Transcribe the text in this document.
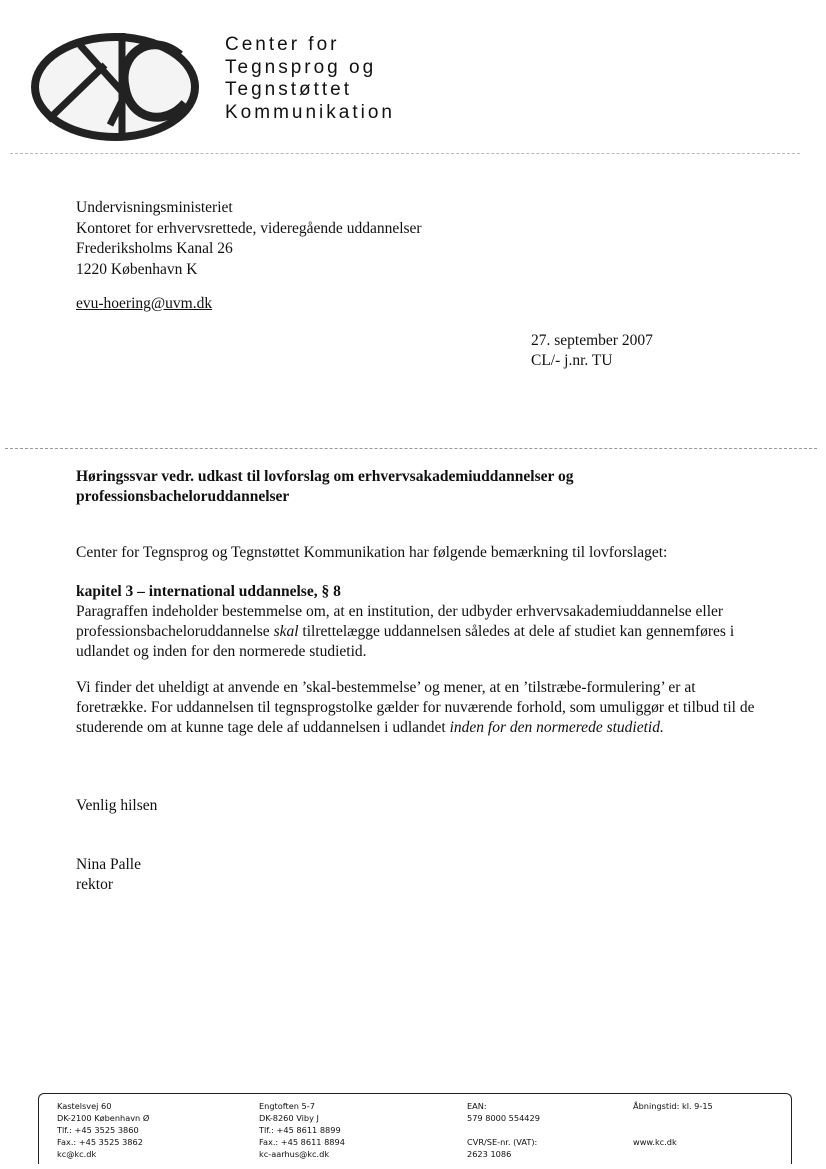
Center for
Tegnsprog og
Tegnstøttet
Kommunikation
Undervisningsministeriet
Kontoret for erhvervsrettede, videregående uddannelser
Frederiksholms Kanal 26
1220 København K
evu-hoering@uvm.dk
27. september 2007
CL/- j.nr. TU
Høringssvar vedr. udkast til lovforslag om erhvervsakademiuddannelser og professionsbacheloruddannelser
Center for Tegnsprog og Tegnstøttet Kommunikation har følgende bemærkning til lovforslaget:
kapitel 3 – international uddannelse, § 8
Paragraffen indeholder bestemmelse om, at en institution, der udbyder erhvervsakademiuddannelse eller professionsbacheloruddannelse skal tilrettelægge uddannelsen således at dele af studiet kan gennemføres i udlandet og inden for den normerede studietid.
Vi finder det uheldigt at anvende en ’skal-bestemmelse’ og mener, at en ’tilstræbe-formulering’ er at foretrække. For uddannelsen til tegnsprogstolke gælder for nuværende forhold, som umuliggør et tilbud til de studerende om at kunne tage dele af uddannelsen i udlandet inden for den normerede studietid.
Venlig hilsen
Nina Palle
rektor
Kastelsvej 60
DK-2100 København Ø
Tlf.: +45 3525 3860
Fax.: +45 3525 3862
kc@kc.dk
Engtoften 5-7
DK-8260 Viby J
Tlf.: +45 8611 8899
Fax.: +45 8611 8894
kc-aarhus@kc.dk
EAN:
579 8000 554429
CVR/SE-nr. (VAT):
2623 1086
Åbningstid: kl. 9-15
www.kc.dk
